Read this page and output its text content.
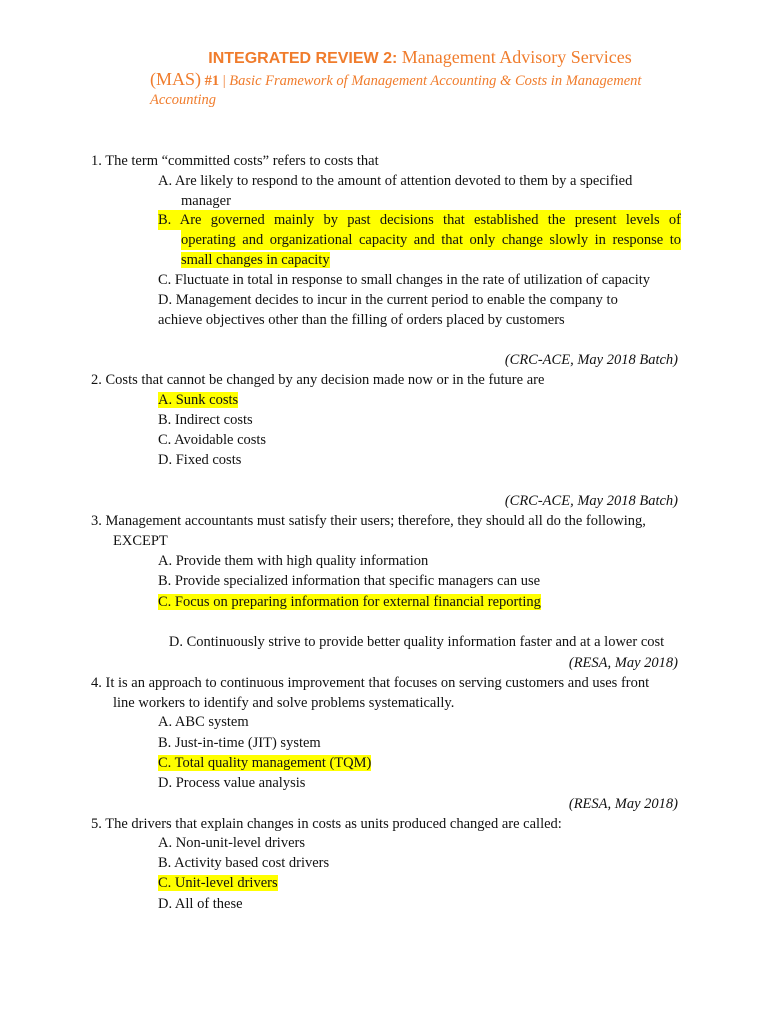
INTEGRATED REVIEW 2: Management Advisory Services
(MAS) #1 | Basic Framework of Management Accounting & Costs in Management Accounting
1. The term “committed costs” refers to costs that
A. Are likely to respond to the amount of attention devoted to them by a specified
manager
B. Are governed mainly by past decisions that established the present levels of
operating and organizational capacity and that only change slowly in response to
small changes in capacity
C. Fluctuate in total in response to small changes in the rate of utilization of capacity
D. Management decides to incur in the current period to enable the company to
achieve objectives other than the filling of orders placed by customers
(CRC-ACE, May 2018 Batch)
2. Costs that cannot be changed by any decision made now or in the future are
A. Sunk costs
B. Indirect costs
C. Avoidable costs
D. Fixed costs
(CRC-ACE, May 2018 Batch)
3. Management accountants must satisfy their users; therefore, they should all do the following,
EXCEPT
A. Provide them with high quality information
B. Provide specialized information that specific managers can use
C. Focus on preparing information for external financial reporting

D. Continuously strive to provide better quality information faster and at a lower cost

(RESA, May 2018)
4. It is an approach to continuous improvement that focuses on serving customers and uses front
line workers to identify and solve problems systematically.
A. ABC system
B. Just-in-time (JIT) system
C. Total quality management (TQM)
D. Process value analysis
(RESA, May 2018)
5. The drivers that explain changes in costs as units produced changed are called:
A. Non-unit-level drivers
B. Activity based cost drivers
C. Unit-level drivers
D. All of these
